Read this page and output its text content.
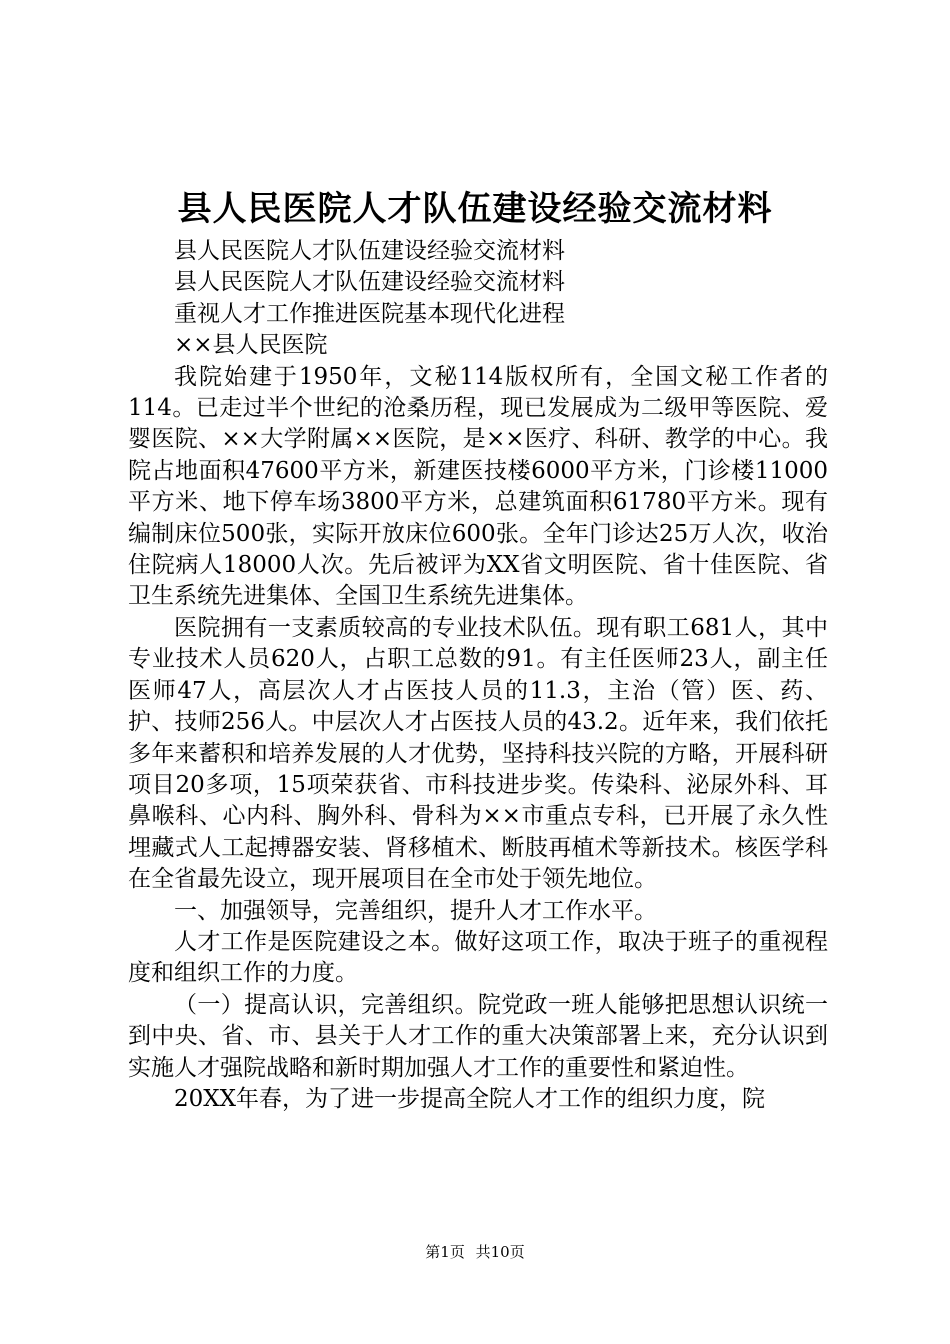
县人民医院人才队伍建设经验交流材料

县人民医院人才队伍建设经验交流材料

县人民医院人才队伍建设经验交流材料

重视人才工作推进医院基本现代化进程

××县人民医院

我院始建于1950年，文秘114版权所有，全国文秘工作者的114。已走过半个世纪的沧桑历程，现已发展成为二级甲等医院、爱婴医院、××大学附属××医院，是××医疗、科研、教学的中心。我院占地面积47600平方米，新建医技楼6000平方米，门诊楼11000平方米、地下停车场3800平方米，总建筑面积61780平方米。现有编制床位500张，实际开放床位600张。全年门诊达25万人次，收治住院病人18000人次。先后被评为XX省文明医院、省十佳医院、省卫生系统先进集体、全国卫生系统先进集体。

医院拥有一支素质较高的专业技术队伍。现有职工681人，其中专业技术人员620人，占职工总数的91。有主任医师23人，副主任医师47人，高层次人才占医技人员的11.3，主治（管）医、药、护、技师256人。中层次人才占医技人员的43.2。近年来，我们依托多年来蓄积和培养发展的人才优势，坚持科技兴院的方略，开展科研项目20多项，15项荣获省、市科技进步奖。传染科、泌尿外科、耳鼻喉科、心内科、胸外科、骨科为××市重点专科，已开展了永久性埋藏式人工起搏器安装、肾移植术、断肢再植术等新技术。核医学科在全省最先设立，现开展项目在全市处于领先地位。

一、加强领导，完善组织，提升人才工作水平。

人才工作是医院建设之本。做好这项工作，取决于班子的重视程度和组织工作的力度。

（一）提高认识，完善组织。院党政一班人能够把思想认识统一到中央、省、市、县关于人才工作的重大决策部署上来，充分认识到实施人才强院战略和新时期加强人才工作的重要性和紧迫性。

20XX年春，为了进一步提高全院人才工作的组织力度，院

第1页 共10页
